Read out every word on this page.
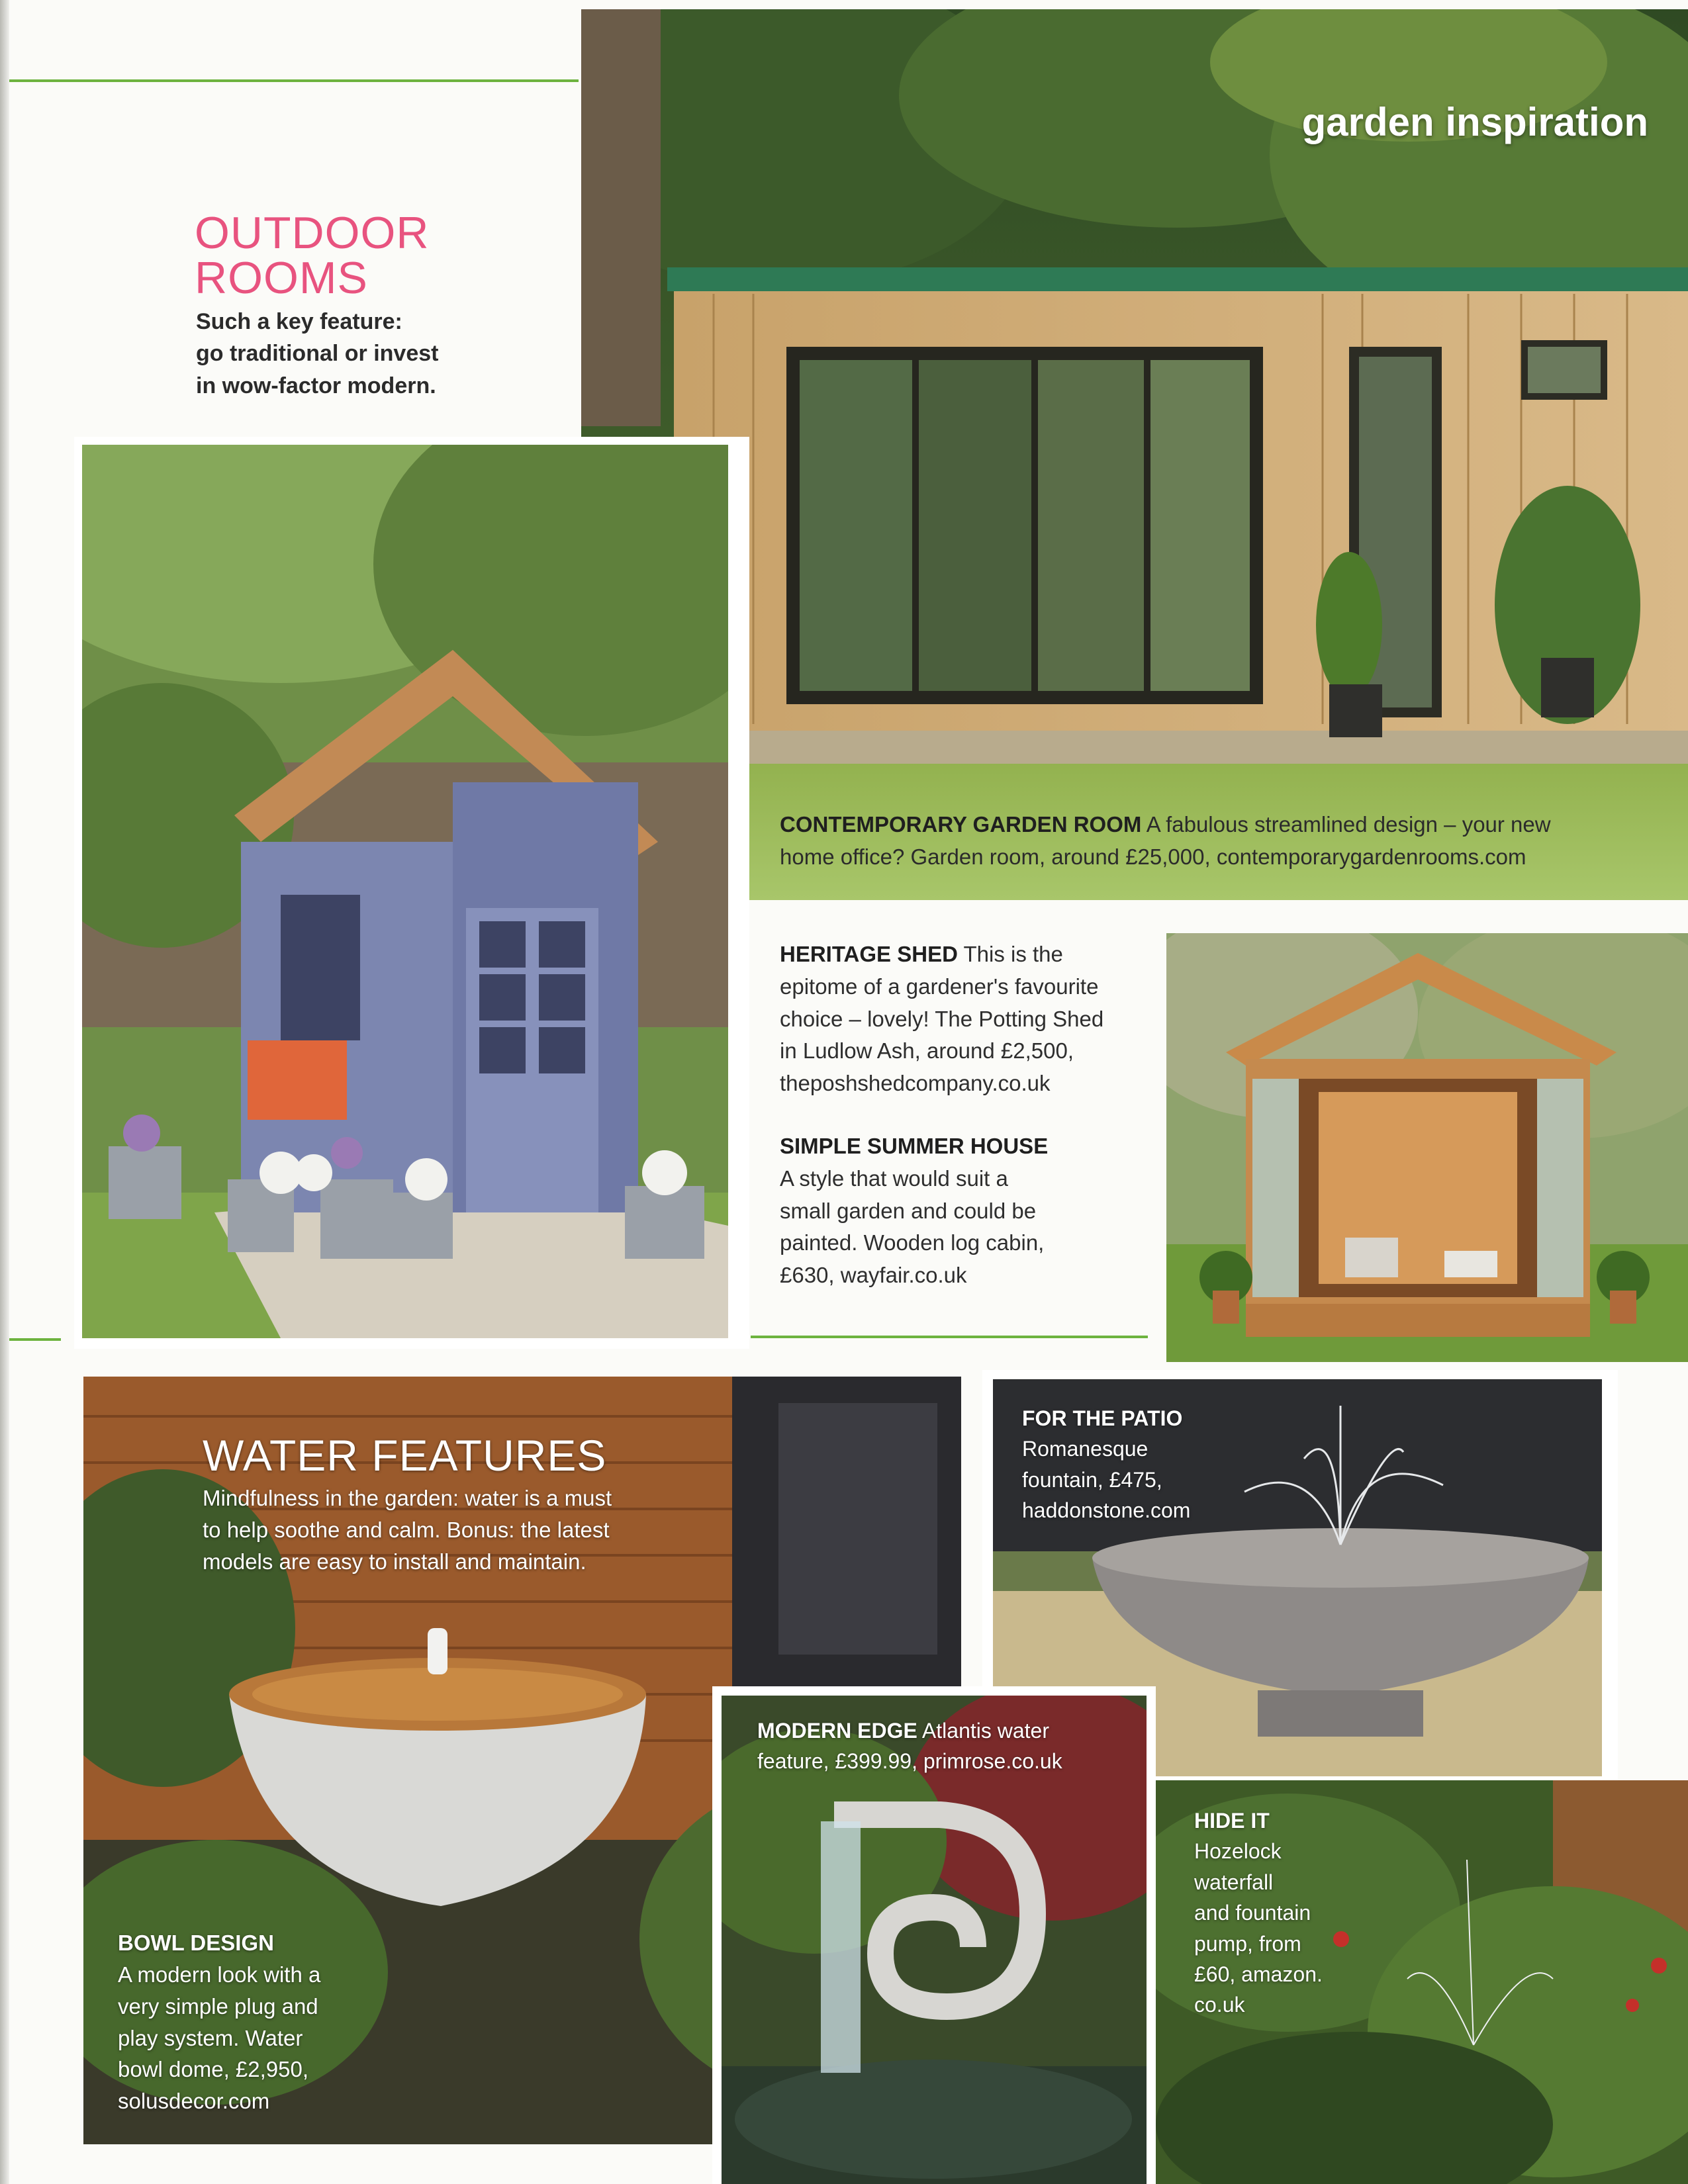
garden inspiration
OUTDOOR
ROOMS
Such a key feature:
go traditional or invest
in wow-factor modern.
CONTEMPORARY GARDEN ROOM A fabulous streamlined design – your new
home office? Garden room, around £25,000, contemporarygardenrooms.com
HERITAGE SHED This is the
epitome of a gardener's favourite
choice – lovely! The Potting Shed
in Ludlow Ash, around £2,500,
theposhshedcompany.co.uk
SIMPLE SUMMER HOUSE
A style that would suit a
small garden and could be
painted. Wooden log cabin,
£630, wayfair.co.uk
WATER FEATURES
Mindfulness in the garden: water is a must
to help soothe and calm. Bonus: the latest
models are easy to install and maintain.
BOWL DESIGN
A modern look with a
very simple plug and
play system. Water
bowl dome, £2,950,
solusdecor.com
FOR THE PATIO
Romanesque
fountain, £475,
haddonstone.com
HIDE IT
Hozelock
waterfall
and fountain
pump, from
£60, amazon.
co.uk
MODERN EDGE Atlantis water
feature, £399.99, primrose.co.uk
